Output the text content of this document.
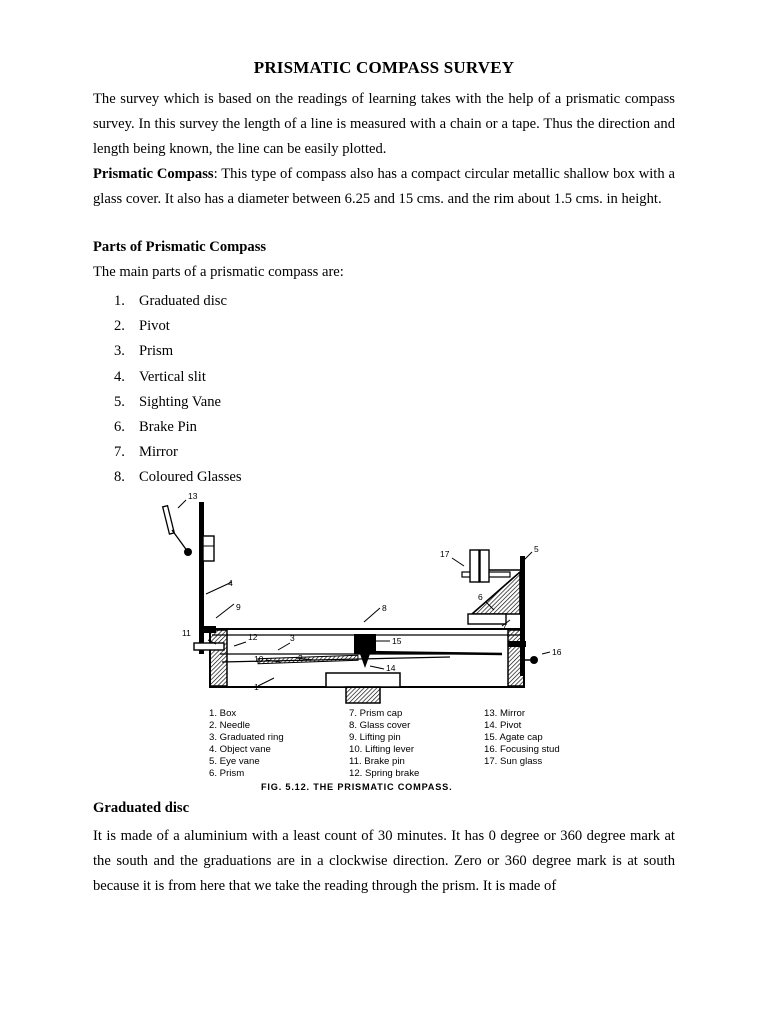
PRISMATIC COMPASS SURVEY

The survey which is based on the readings of learning takes with the help of a prismatic compass survey. In this survey the length of a line is measured with a chain or a tape. Thus the direction and length being known, the line can be easily plotted.

Prismatic Compass: This type of compass also has a compact circular metallic shallow box with a glass cover. It also has a diameter between 6.25 and 15 cms. and the rim about 1.5 cms. in height.

Parts of Prismatic Compass

The main parts of a prismatic compass are:

1. Graduated disc
2. Pivot
3. Prism
4. Vertical slit
5. Sighting Vane
6. Brake Pin
7. Mirror
8. Coloured Glasses
13
4
9	8
11	12	3
10	2
1
15
14
5
17
6
7
16
1. Box
2. Needle
3. Graduated ring
4. Object vane
5. Eye vane
6. Prism
7. Prism cap
8. Glass cover
9. Lifting pin
10. Lifting lever
11. Brake pin
12. Spring brake
13. Mirror
14. Pivot
15. Agate cap
16. Focusing stud
17. Sun glass
FIG. 5.12. THE PRISMATIC COMPASS.

Graduated disc

It is made of a aluminium with a least count of 30 minutes. It has 0 degree or 360 degree mark at the south and the graduations are in a clockwise direction. Zero or 360 degree mark is at south because it is from here that we take the reading through the prism. It is made of
